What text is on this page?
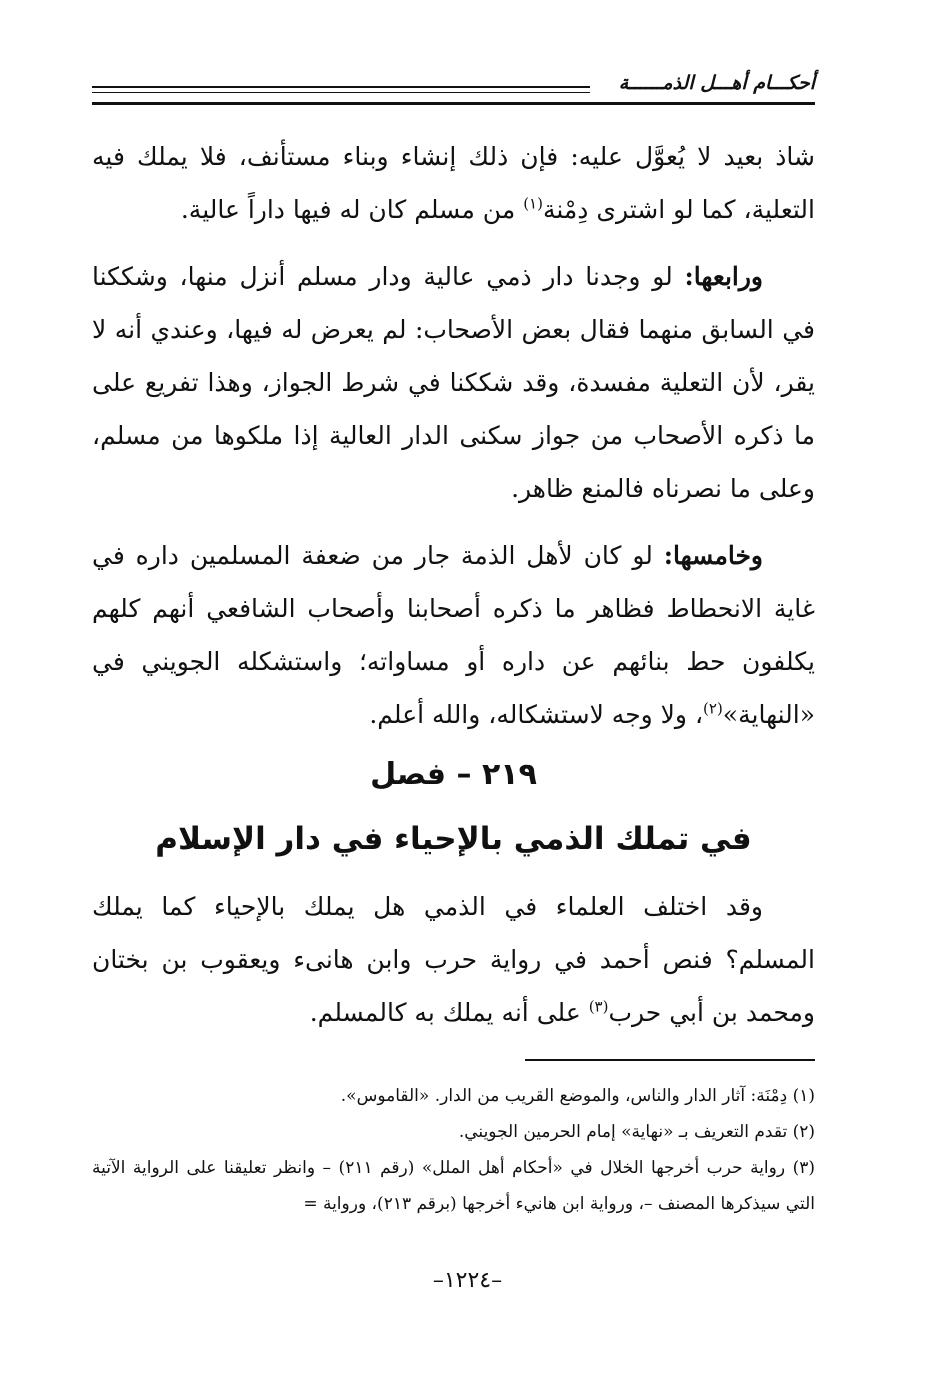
أحكـــام أهـــل الذمــــــة

شاذ بعيد لا يُعوَّل عليه: فإن ذلك إنشاء وبناء مستأنف، فلا يملك فيه التعلية، كما لو اشترى دِمْنة$^{(١)}$ من مسلم كان له فيها داراً عالية.

ورابعها: لو وجدنا دار ذمي عالية ودار مسلم أنزل منها، وشككنا في السابق منهما فقال بعض الأصحاب: لم يعرض له فيها، وعندي أنه لا يقر، لأن التعلية مفسدة، وقد شككنا في شرط الجواز، وهذا تفريع على ما ذكره الأصحاب من جواز سكنى الدار العالية إذا ملكوها من مسلم، وعلى ما نصرناه فالمنع ظاهر.

وخامسها: لو كان لأهل الذمة جار من ضعفة المسلمين داره في غاية الانحطاط فظاهر ما ذكره أصحابنا وأصحاب الشافعي أنهم كلهم يكلفون حط بنائهم عن داره أو مساواته؛ واستشكله الجويني في «النهاية»$^{(٢)}$، ولا وجه لاستشكاله، والله أعلم.

٢١٩ – فصل
في تملك الذمي بالإحياء في دار الإسلام

وقد اختلف العلماء في الذمي هل يملك بالإحياء كما يملك المسلم؟ فنص أحمد في رواية حرب وابن هانىء ويعقوب بن بختان ومحمد بن أبي حرب$^{(٣)}$ على أنه يملك به كالمسلم.

(١) دِمْنَة: آثار الدار والناس، والموضع القريب من الدار. «القاموس».

(٢) تقدم التعريف بـ «نهاية» إمام الحرمين الجويني.

(٣) رواية حرب أخرجها الخلال في «أحكام أهل الملل» (رقم ٢١١) – وانظر تعليقنا على الرواية الآتية التي سيذكرها المصنف –، ورواية ابن هانيء أخرجها (برقم ٢١٣)، ورواية =

–١٢٢٤–
